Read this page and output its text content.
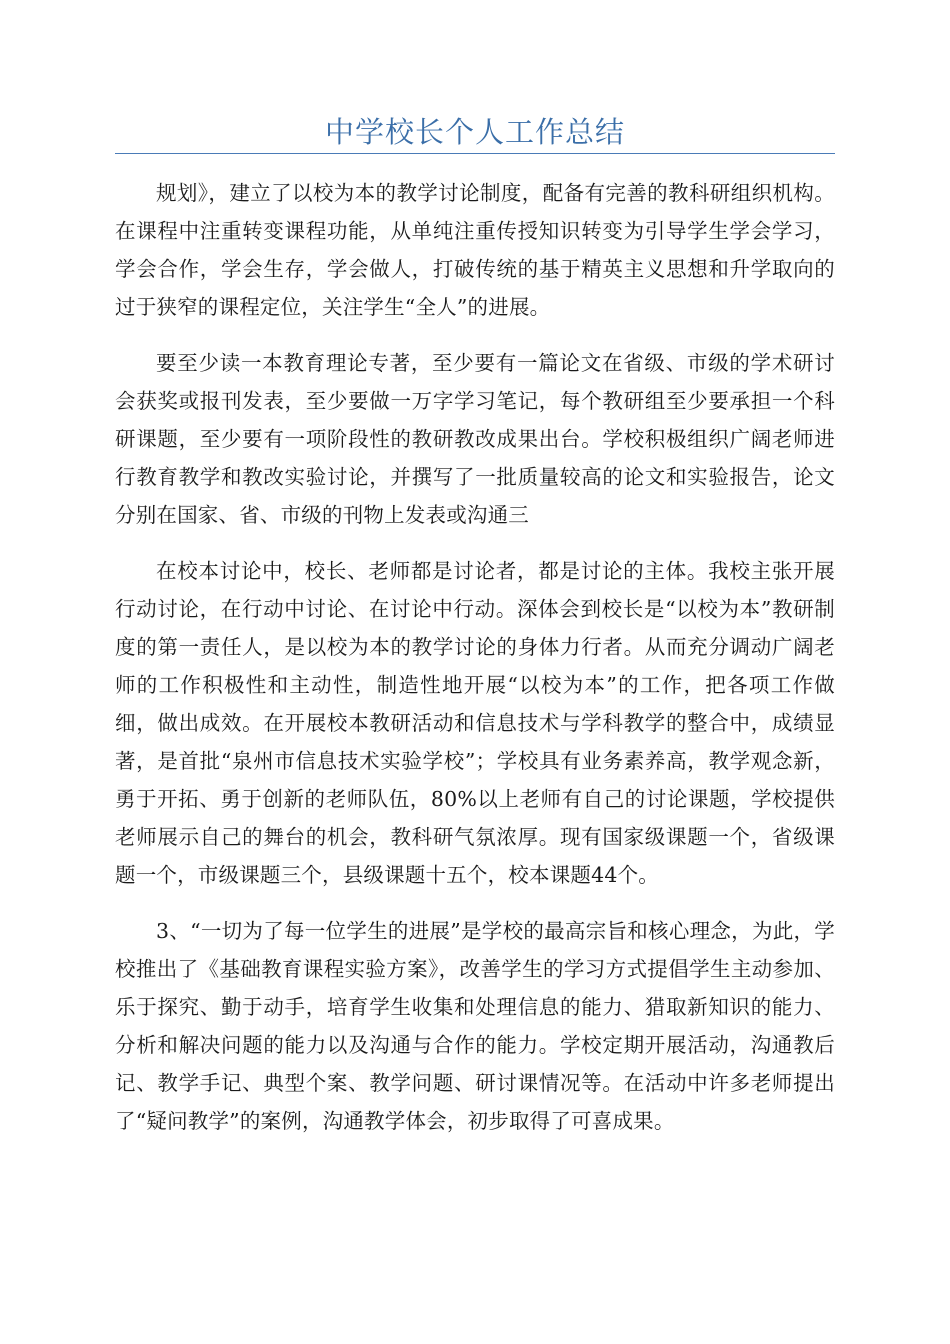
中学校长个人工作总结

规划》，建立了以校为本的教学讨论制度，配备有完善的教科研组织机构。在课程中注重转变课程功能，从单纯注重传授知识转变为引导学生学会学习，学会合作，学会生存，学会做人，打破传统的基于精英主义思想和升学取向的过于狭窄的课程定位，关注学生“全人”的进展。

要至少读一本教育理论专著，至少要有一篇论文在省级、市级的学术研讨会获奖或报刊发表，至少要做一万字学习笔记，每个教研组至少要承担一个科研课题，至少要有一项阶段性的教研教改成果出台。学校积极组织广阔老师进行教育教学和教改实验讨论，并撰写了一批质量较高的论文和实验报告，论文分别在国家、省、市级的刊物上发表或沟通三

在校本讨论中，校长、老师都是讨论者，都是讨论的主体。我校主张开展行动讨论，在行动中讨论、在讨论中行动。深体会到校长是“以校为本”教研制度的第一责任人，是以校为本的教学讨论的身体力行者。从而充分调动广阔老师的工作积极性和主动性，制造性地开展“以校为本”的工作，把各项工作做细，做出成效。在开展校本教研活动和信息技术与学科教学的整合中，成绩显著，是首批“泉州市信息技术实验学校”；学校具有业务素养高，教学观念新，勇于开拓、勇于创新的老师队伍，80%以上老师有自己的讨论课题，学校提供老师展示自己的舞台的机会，教科研气氛浓厚。现有国家级课题一个，省级课题一个，市级课题三个，县级课题十五个，校本课题44个。

3、“一切为了每一位学生的进展”是学校的最高宗旨和核心理念，为此，学校推出了《基础教育课程实验方案》，改善学生的学习方式提倡学生主动参加、乐于探究、勤于动手，培育学生收集和处理信息的能力、猎取新知识的能力、分析和解决问题的能力以及沟通与合作的能力。学校定期开展活动，沟通教后记、教学手记、典型个案、教学问题、研讨课情况等。在活动中许多老师提出了“疑问教学”的案例，沟通教学体会，初步取得了可喜成果。
